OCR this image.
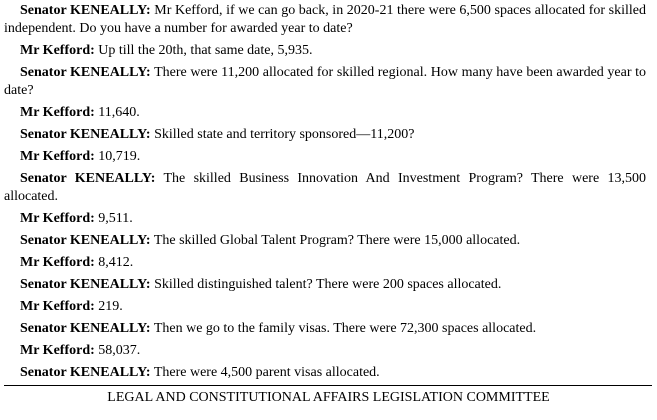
Senator KENEALLY: Mr Kefford, if we can go back, in 2020-21 there were 6,500 spaces allocated for skilled independent. Do you have a number for awarded year to date?

Mr Kefford: Up till the 20th, that same date, 5,935.

Senator KENEALLY: There were 11,200 allocated for skilled regional. How many have been awarded year to date?

Mr Kefford: 11,640.

Senator KENEALLY: Skilled state and territory sponsored—11,200?

Mr Kefford: 10,719.

Senator KENEALLY: The skilled Business Innovation And Investment Program? There were 13,500 allocated.

Mr Kefford: 9,511.

Senator KENEALLY: The skilled Global Talent Program? There were 15,000 allocated.

Mr Kefford: 8,412.

Senator KENEALLY: Skilled distinguished talent? There were 200 spaces allocated.

Mr Kefford: 219.

Senator KENEALLY: Then we go to the family visas. There were 72,300 spaces allocated.

Mr Kefford: 58,037.

Senator KENEALLY: There were 4,500 parent visas allocated.

LEGAL AND CONSTITUTIONAL AFFAIRS LEGISLATION COMMITTEE
